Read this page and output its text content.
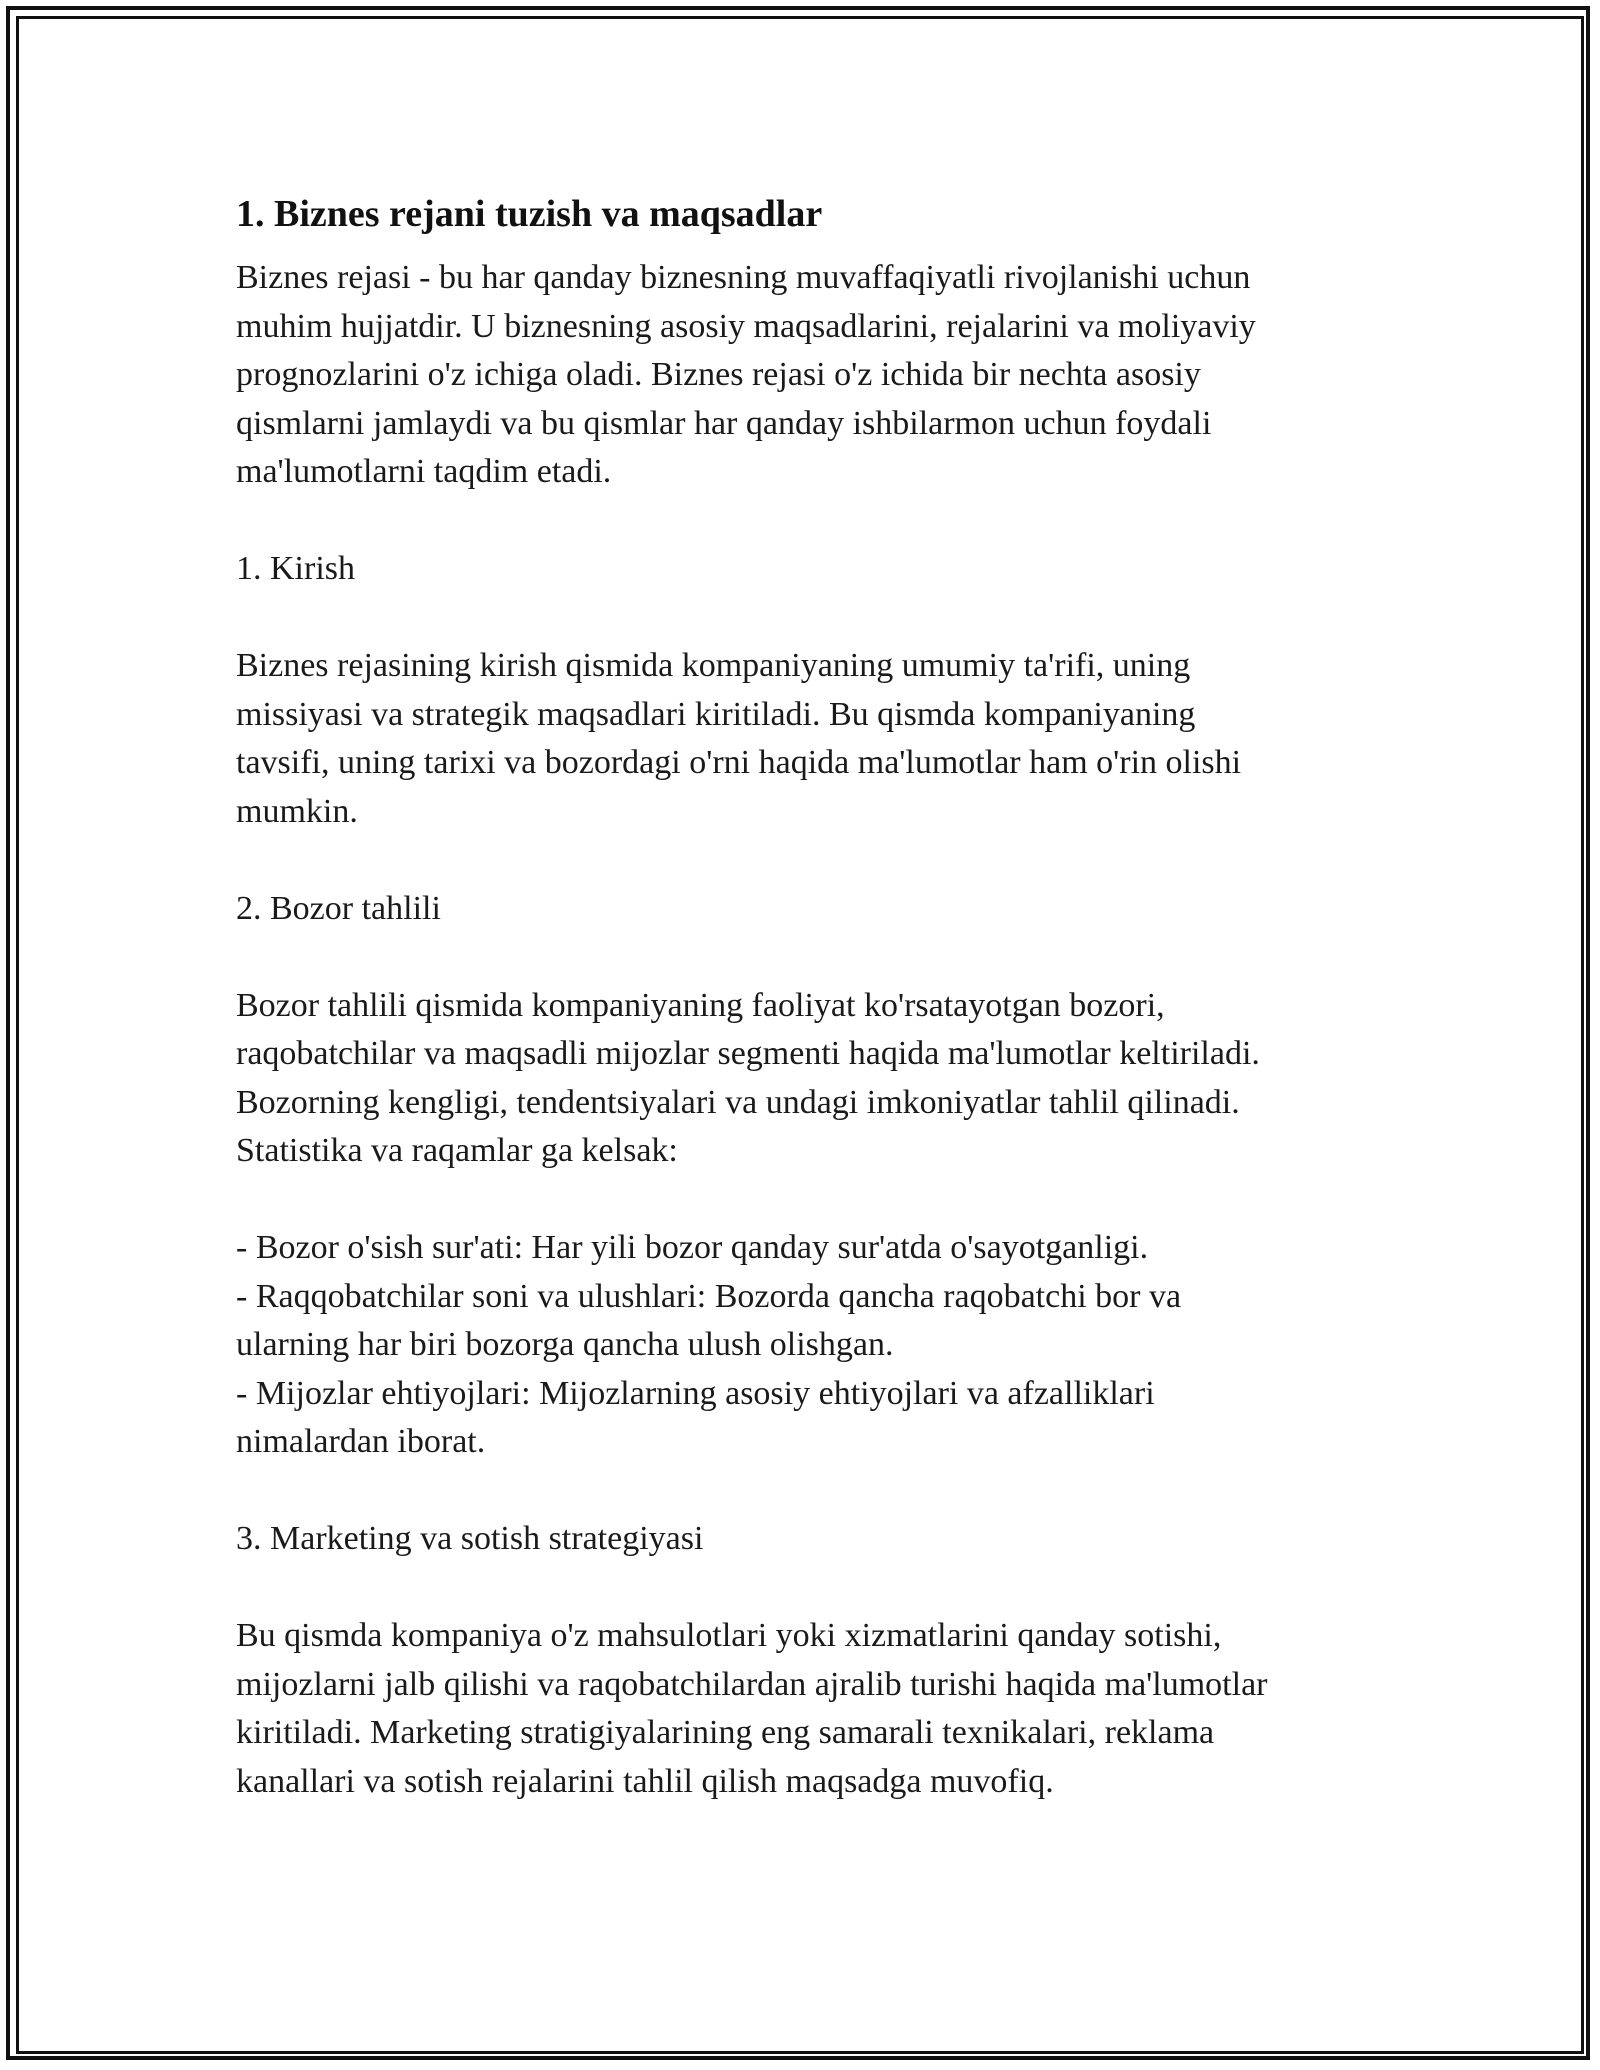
1. Biznes rejani tuzish va maqsadlar

Biznes rejasi - bu har qanday biznesning muvaffaqiyatli rivojlanishi uchun
muhim hujjatdir. U biznesning asosiy maqsadlarini, rejalarini va moliyaviy
prognozlarini o'z ichiga oladi. Biznes rejasi o'z ichida bir nechta asosiy
qismlarni jamlaydi va bu qismlar har qanday ishbilarmon uchun foydali
ma'lumotlarni taqdim etadi.

1. Kirish

Biznes rejasining kirish qismida kompaniyaning umumiy ta'rifi, uning
missiyasi va strategik maqsadlari kiritiladi. Bu qismda kompaniyaning
tavsifi, uning tarixi va bozordagi o'rni haqida ma'lumotlar ham o'rin olishi
mumkin.

2. Bozor tahlili

Bozor tahlili qismida kompaniyaning faoliyat ko'rsatayotgan bozori,
raqobatchilar va maqsadli mijozlar segmenti haqida ma'lumotlar keltiriladi.
Bozorning kengligi, tendentsiyalari va undagi imkoniyatlar tahlil qilinadi.
Statistika va raqamlar ga kelsak:

- Bozor o'sish sur'ati: Har yili bozor qanday sur'atda o'sayotganligi.
- Raqqobatchilar soni va ulushlari: Bozorda qancha raqobatchi bor va
ularning har biri bozorga qancha ulush olishgan.
- Mijozlar ehtiyojlari: Mijozlarning asosiy ehtiyojlari va afzalliklari
nimalardan iborat.

3. Marketing va sotish strategiyasi

Bu qismda kompaniya o'z mahsulotlari yoki xizmatlarini qanday sotishi,
mijozlarni jalb qilishi va raqobatchilardan ajralib turishi haqida ma'lumotlar
kiritiladi. Marketing stratigiyalarining eng samarali texnikalari, reklama
kanallari va sotish rejalarini tahlil qilish maqsadga muvofiq.
